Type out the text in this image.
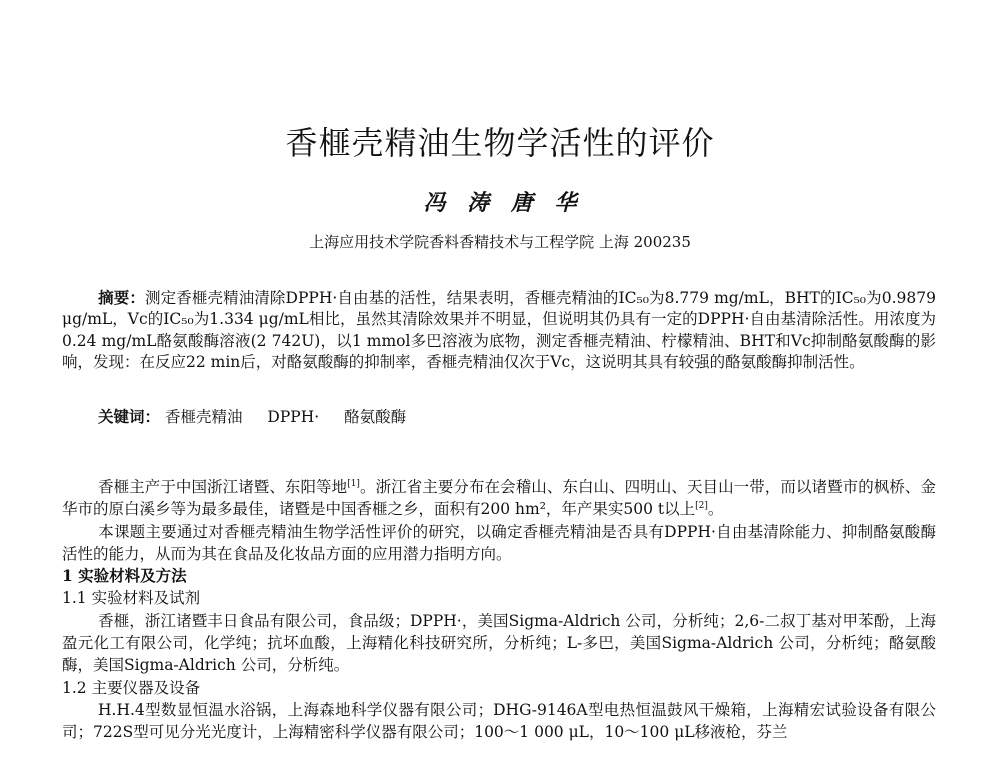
香榧壳精油生物学活性的评价
冯 涛 唐 华
上海应用技术学院香料香精技术与工程学院 上海 200235
摘要：测定香榧壳精油清除DPPH·自由基的活性，结果表明，香榧壳精油的IC₅₀为8.779 mg/mL，BHT的IC₅₀为0.9879 μg/mL，Vc的IC₅₀为1.334 μg/mL相比，虽然其清除效果并不明显，但说明其仍具有一定的DPPH·自由基清除活性。用浓度为0.24 mg/mL酪氨酸酶溶液(2 742U)，以1 mmol多巴溶液为底物，测定香榧壳精油、柠檬精油、BHT和Vc抑制酪氨酸酶的影响，发现：在反应22 min后，对酪氨酸酶的抑制率，香榧壳精油仅次于Vc，这说明其具有较强的酪氨酸酶抑制活性。
关键词： 香榧壳精油 DPPH· 酪氨酸酶

香榧主产于中国浙江诸暨、东阳等地[1]。浙江省主要分布在会稽山、东白山、四明山、天目山一带，而以诸暨市的枫桥、金华市的原白溪乡等为最多最佳，诸暨是中国香榧之乡，面积有200 hm²，年产果实500 t以上[2]。

本课题主要通过对香榧壳精油生物学活性评价的研究，以确定香榧壳精油是否具有DPPH·自由基清除能力、抑制酪氨酸酶活性的能力，从而为其在食品及化妆品方面的应用潜力指明方向。

1 实验材料及方法
1.1 实验材料及试剂

香榧，浙江诸暨丰日食品有限公司，食品级；DPPH·，美国Sigma-Aldrich 公司，分析纯；2,6-二叔丁基对甲苯酚，上海盈元化工有限公司，化学纯；抗坏血酸，上海精化科技研究所，分析纯；L-多巴，美国Sigma-Aldrich 公司，分析纯；酪氨酸酶，美国Sigma-Aldrich 公司，分析纯。

1.2 主要仪器及设备

H.H.4型数显恒温水浴锅，上海森地科学仪器有限公司；DHG-9146A型电热恒温鼓风干燥箱，上海精宏试验设备有限公司；722S型可见分光光度计，上海精密科学仪器有限公司；100～1 000 μL，10～100 μL移液枪，芬兰
